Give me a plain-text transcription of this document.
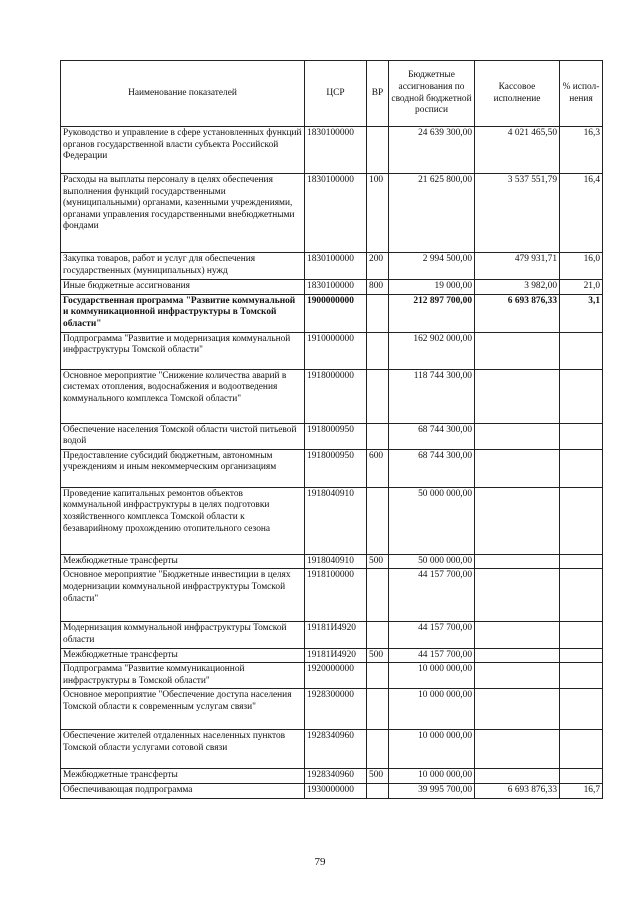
Наименование показателей	ЦСР	ВР	Бюджетные ассигнования по сводной бюджетной росписи	Кассовое исполнение	% испол-нения
Руководство и управление в сфере установленных функций органов государственной власти субъекта Российской Федерации	1830100000		24 639 300,00	4 021 465,50	16,3
Расходы на выплаты персоналу в целях обеспечения выполнения функций государственными (муниципальными) органами, казенными учреждениями, органами управления государственными внебюджетными фондами	1830100000	100	21 625 800,00	3 537 551,79	16,4
Закупка товаров, работ и услуг для обеспечения государственных (муниципальных) нужд	1830100000	200	2 994 500,00	479 931,71	16,0
Иные бюджетные ассигнования	1830100000	800	19 000,00	3 982,00	21,0
Государственная программа "Развитие коммунальной и коммуникационной инфраструктуры в Томской области"	1900000000		212 897 700,00	6 693 876,33	3,1
Подпрограмма "Развитие и модернизация коммунальной инфраструктуры Томской области"	1910000000		162 902 000,00		
Основное мероприятие "Снижение количества аварий в системах отопления, водоснабжения и водоотведения коммунального комплекса Томской области"	1918000000		118 744 300,00		
Обеспечение населения Томской области чистой питьевой водой	1918000950		68 744 300,00		
Предоставление субсидий бюджетным, автономным учреждениям и иным некоммерческим организациям	1918000950	600	68 744 300,00		
Проведение капитальных ремонтов объектов коммунальной инфраструктуры в целях подготовки хозяйственного комплекса Томской области к безаварийному прохождению отопительного сезона	1918040910		50 000 000,00		
Межбюджетные трансферты	1918040910	500	50 000 000,00		
Основное мероприятие "Бюджетные инвестиции в целях модернизации коммунальной инфраструктуры Томской области"	1918100000		44 157 700,00		
Модернизация коммунальной инфраструктуры Томской области	19181И4920		44 157 700,00		
Межбюджетные трансферты	19181И4920	500	44 157 700,00		
Подпрограмма "Развитие коммуникационной инфраструктуры в Томской области"	1920000000		10 000 000,00		
Основное мероприятие "Обеспечение доступа населения Томской области к современным услугам связи"	1928300000		10 000 000,00		
Обеспечение жителей отдаленных населенных пунктов Томской области услугами сотовой связи	1928340960		10 000 000,00		
Межбюджетные трансферты	1928340960	500	10 000 000,00		
Обеспечивающая подпрограмма	1930000000		39 995 700,00	6 693 876,33	16,7
79
